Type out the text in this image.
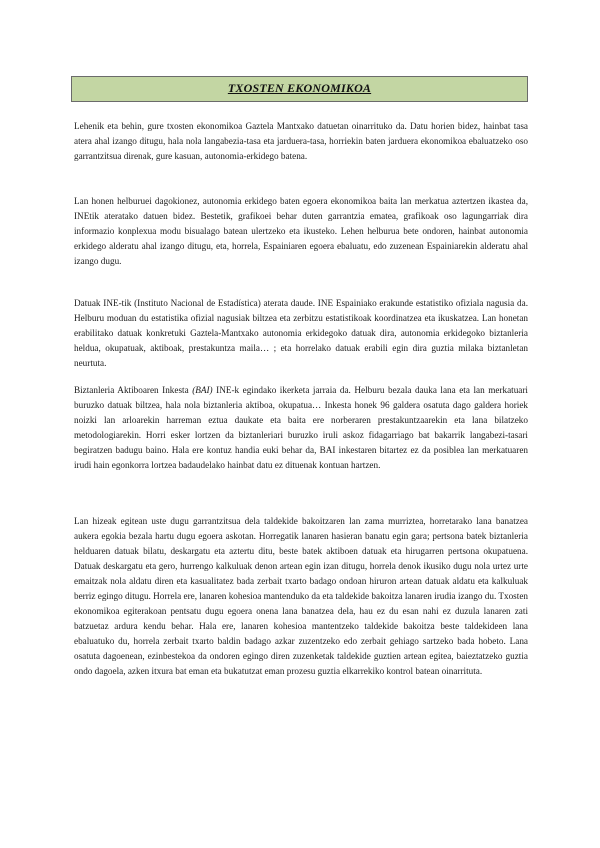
TXOSTEN EKONOMIKOA

Lehenik eta behin, gure txosten ekonomikoa Gaztela Mantxako datuetan oinarrituko da. Datu horien bidez, hainbat tasa atera ahal izango ditugu, hala nola langabezia-tasa eta jarduera-tasa, horriekin baten jarduera ekonomikoa ebaluatzeko oso garrantzitsua direnak, gure kasuan, autonomia-erkidego batena.

Lan honen helburuei dagokionez, autonomia erkidego baten egoera ekonomikoa baita lan merkatua aztertzen ikastea da, INEtik ateratako datuen bidez. Bestetik, grafikoei behar duten garrantzia ematea, grafikoak oso lagungarriak dira informazio konplexua modu bisualago batean ulertzeko eta ikusteko. Lehen helburua bete ondoren, hainbat autonomia erkidego alderatu ahal izango ditugu, eta, horrela, Espainiaren egoera ebaluatu, edo zuzenean Espainiarekin alderatu ahal izango dugu.

Datuak INE-tik (Instituto Nacional de Estadística) aterata daude. INE Espainiako erakunde estatistiko ofiziala nagusia da. Helburu moduan du estatistika ofizial nagusiak biltzea eta zerbitzu estatistikoak koordinatzea eta ikuskatzea. Lan honetan erabilitako datuak konkretuki Gaztela-Mantxako autonomia erkidegoko datuak dira, autonomia erkidegoko biztanleria helduа, okupatuak, aktiboak, prestakuntza maila… ; eta horrelako datuak erabili egin dira guztia milaka biztanletan neurtuta.

Biztanleria Aktiboaren Inkesta (BAI) INE-k egindako ikerketa jarraia da. Helburu bezala dauka lana eta lan merkatuari buruzko datuak biltzea, hala nola biztanleria aktiboa, okupatua… Inkesta honek 96 galdera osatuta dago galdera horiek noizki lan arloarekin harreman eztua daukate eta baita ere norberaren prestakuntzaarekin eta lana bilatzeko metodologiarekin. Horri esker lortzen da biztanleriari buruzko iruli askoz fidagarriago bat bakarrik langabezi-tasari begiratzen badugu baino. Hala ere kontuz handia euki behar da, BAI inkestaren bitartez ez da posiblea lan merkatuaren irudi hain egonkorra lortzea badaudelako hainbat datu ez dituenak kontuan hartzen.

Lan hizeak egitean uste dugu garrantzitsua dela taldekide bakoitzaren lan zama murriztea, horretarako lana banatzea aukera egokia bezala hartu dugu egoera askotan. Horregatik lanaren hasieran banatu egin gara; pertsona batek biztanleria helduaren datuak bilatu, deskargatu eta aztertu ditu, beste batek aktiboen datuak eta hirugarren pertsona okupatuena. Datuak deskargatu eta gero, hurrengo kalkuluak denon artean egin izan ditugu, horrela denok ikusiko dugu nola urtez urte emaitzak nola aldatu diren eta kasualitatez bada zerbait txarto badago ondoan hiruron artean datuak aldatu eta kalkuluak berriz egingo ditugu. Horrela ere, lanaren kohesioa mantenduko da eta taldekide bakoitza lanaren irudia izango du. Txosten ekonomikoa egiterakoan pentsatu dugu egoera onena lana banatzea dela, hau ez du esan nahi ez duzula lanaren zati batzuetaz ardura kendu behar. Hala ere, lanaren kohesioa mantentzeko taldekide bakoitza beste taldekideen lana ebaluatuko du, horrela zerbait txarto baldin badago azkar zuzentzeko edo zerbait gehiago sartzeko bada hobeto. Lana osatuta dagoenean, ezinbestekoa da ondoren egingo diren zuzenketak taldekide guztien artean egitea, baieztatzeko guztia ondo dagoela, azken itxura bat eman eta bukatutzat eman prozesu guztia elkarrekiko kontrol batean oinarrituta.
